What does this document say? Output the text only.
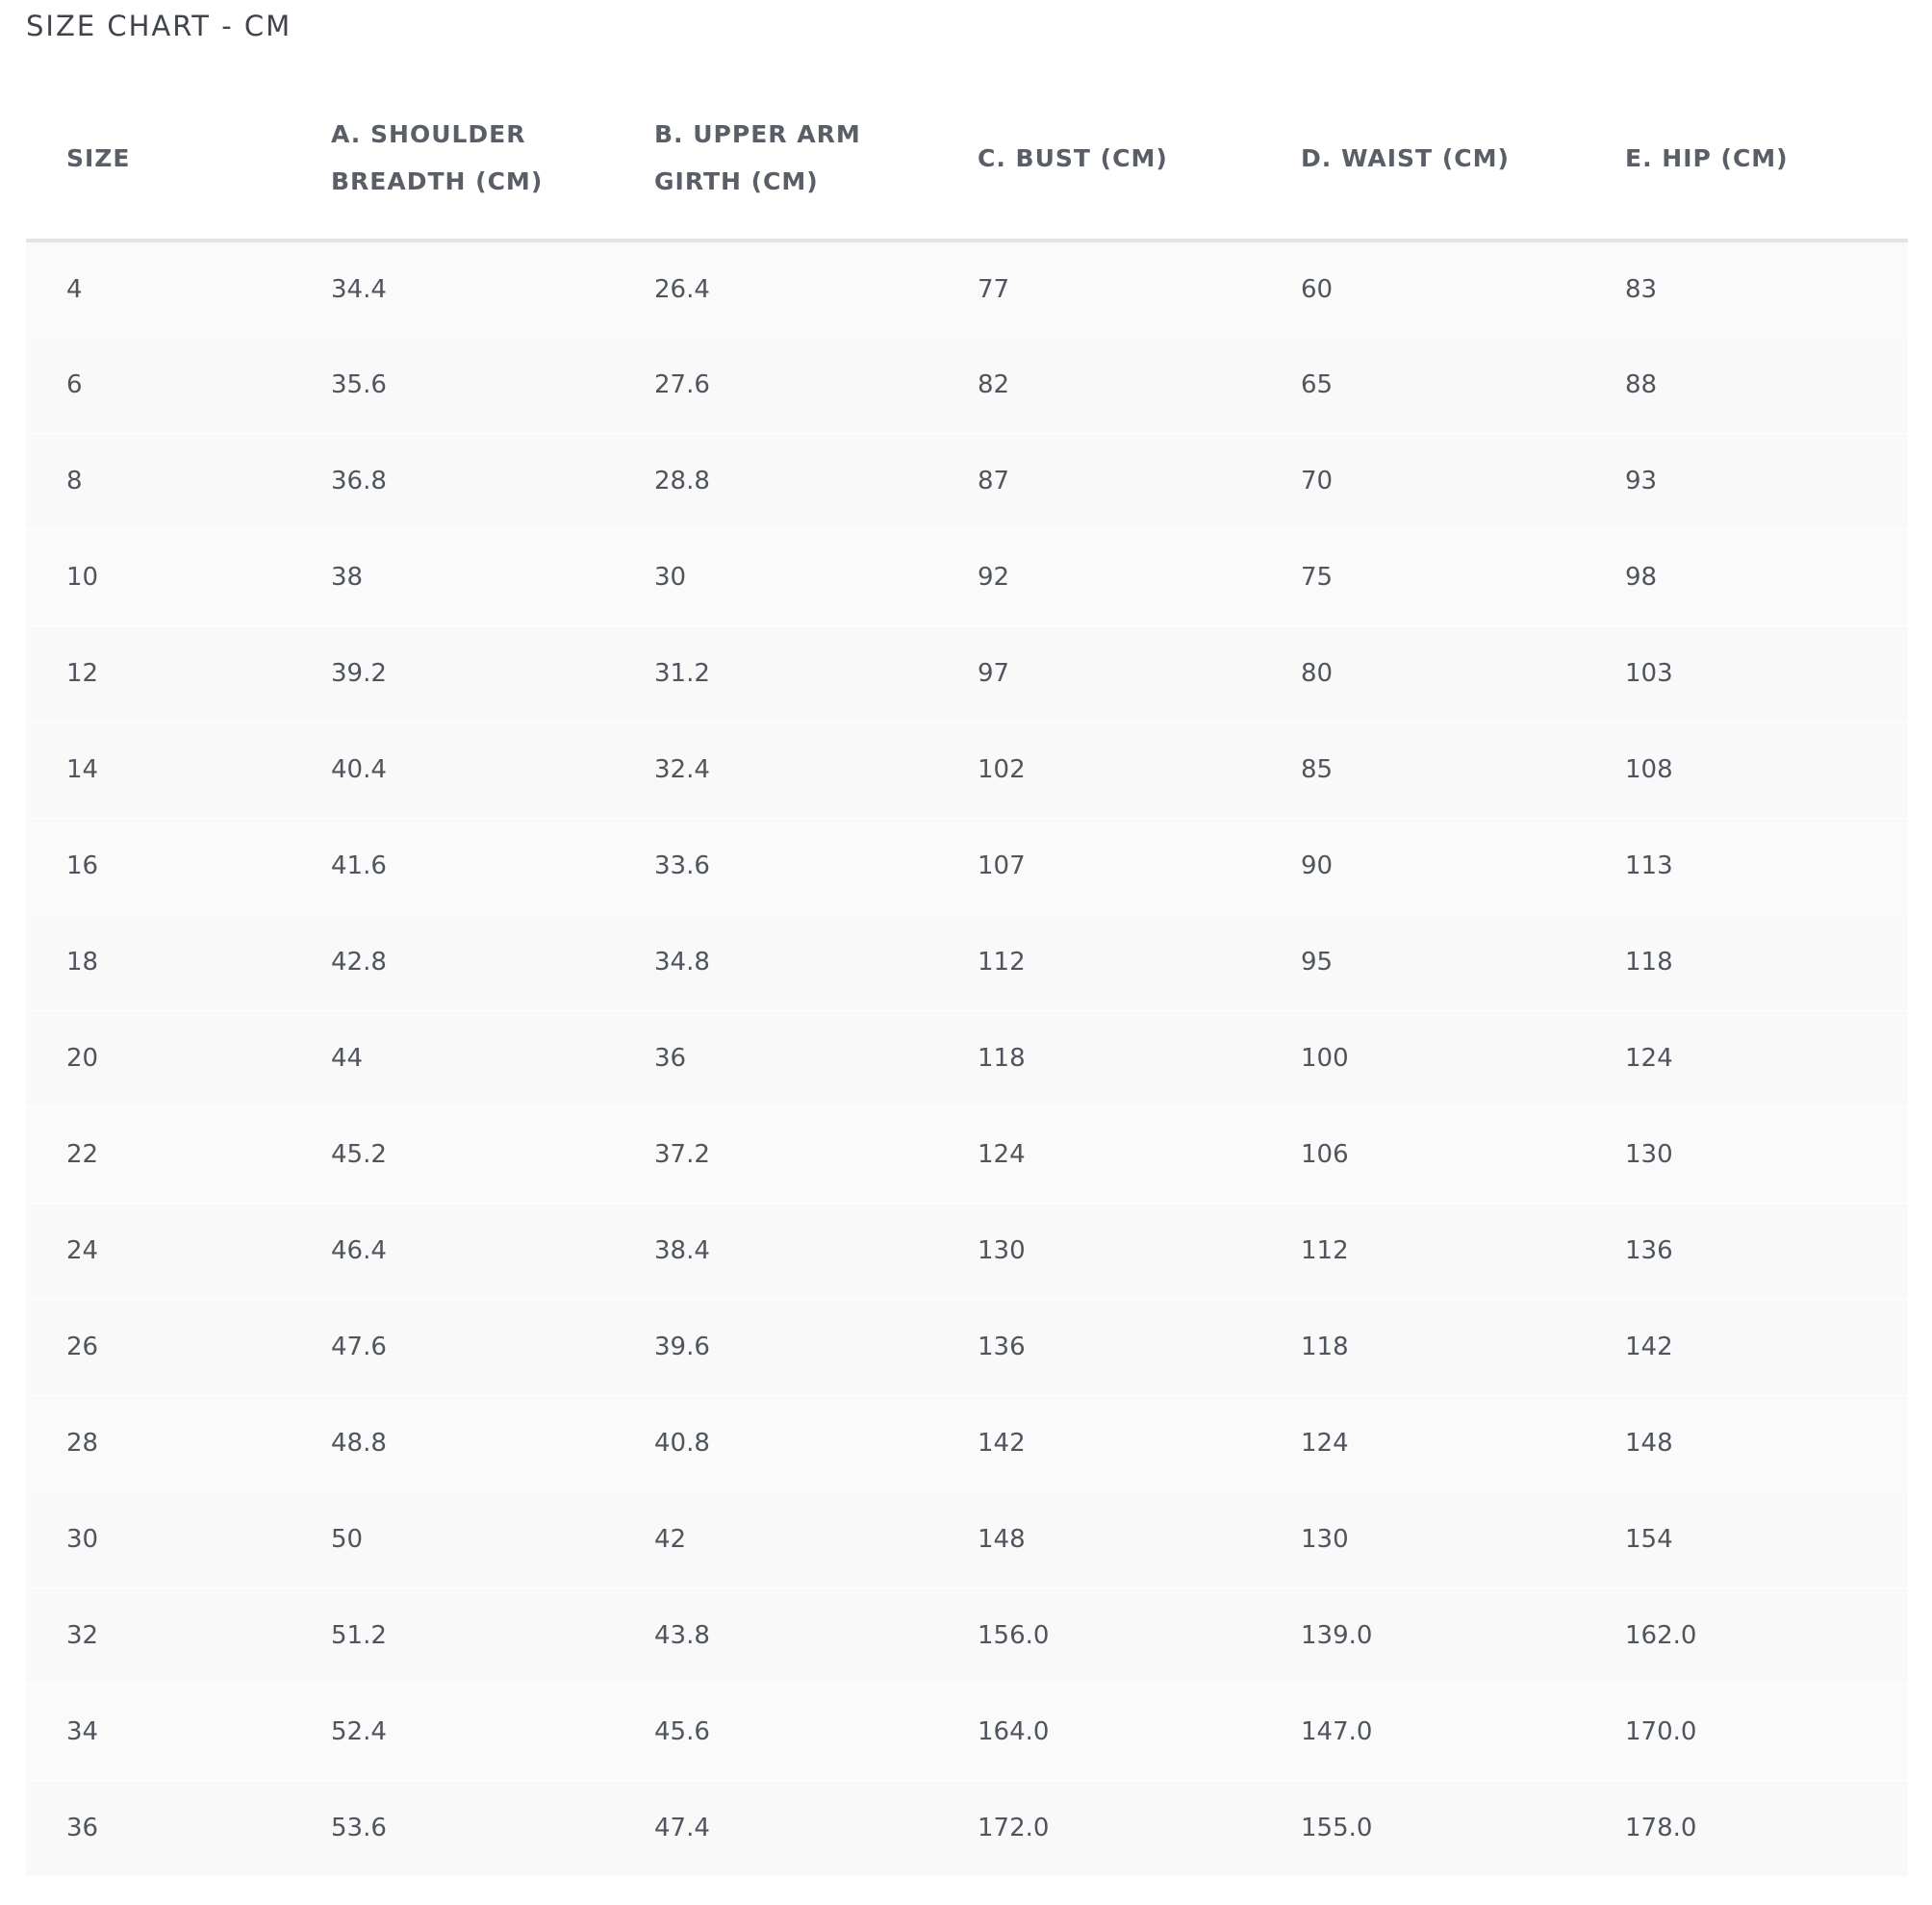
SIZE CHART - CM
SIZE	A. SHOULDER BREADTH (CM)	B. UPPER ARM GIRTH (CM)	C. BUST (CM)	D. WAIST (CM)	E. HIP (CM)
4	34.4	26.4	77	60	83
6	35.6	27.6	82	65	88
8	36.8	28.8	87	70	93
10	38	30	92	75	98
12	39.2	31.2	97	80	103
14	40.4	32.4	102	85	108
16	41.6	33.6	107	90	113
18	42.8	34.8	112	95	118
20	44	36	118	100	124
22	45.2	37.2	124	106	130
24	46.4	38.4	130	112	136
26	47.6	39.6	136	118	142
28	48.8	40.8	142	124	148
30	50	42	148	130	154
32	51.2	43.8	156.0	139.0	162.0
34	52.4	45.6	164.0	147.0	170.0
36	53.6	47.4	172.0	155.0	178.0
